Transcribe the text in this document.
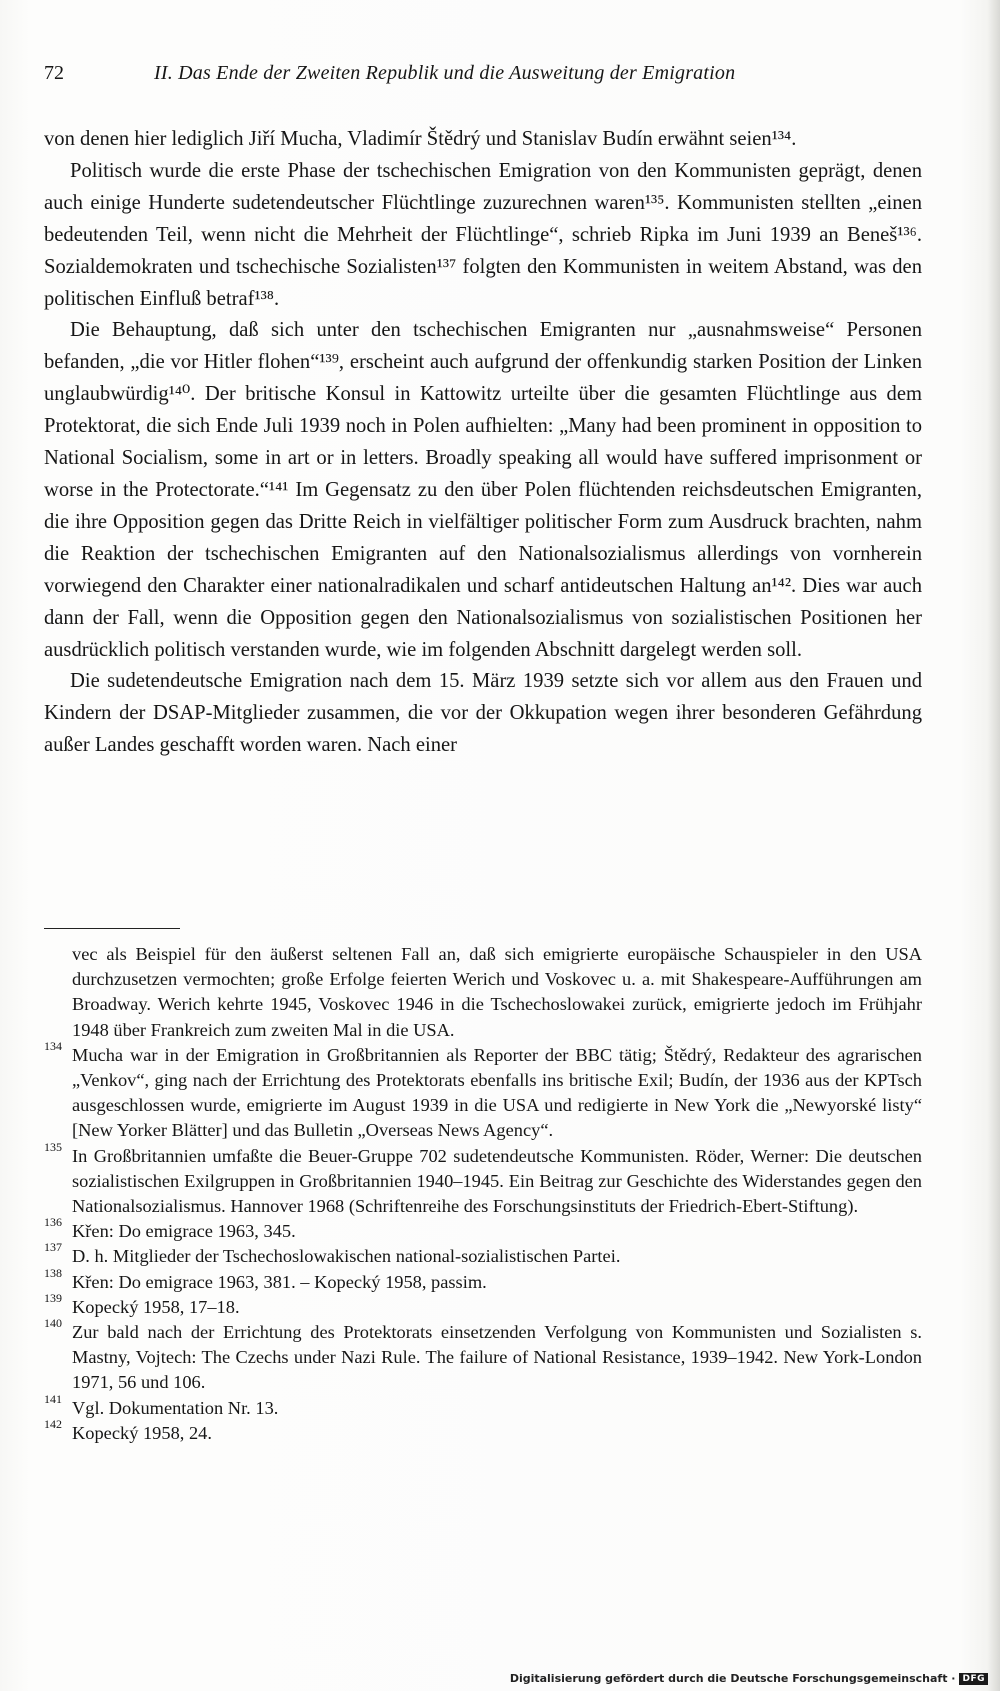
72	II. Das Ende der Zweiten Republik und die Ausweitung der Emigration

von denen hier lediglich Jiří Mucha, Vladimír Štědrý und Stanislav Budín erwähnt seien¹³⁴.

Politisch wurde die erste Phase der tschechischen Emigration von den Kommunisten geprägt, denen auch einige Hunderte sudetendeutscher Flüchtlinge zuzurechnen waren¹³⁵. Kommunisten stellten „einen bedeutenden Teil, wenn nicht die Mehrheit der Flüchtlinge“, schrieb Ripka im Juni 1939 an Beneš¹³⁶. Sozialdemokraten und tschechische Sozialisten¹³⁷ folgten den Kommunisten in weitem Abstand, was den politischen Einfluß betraf¹³⁸.

Die Behauptung, daß sich unter den tschechischen Emigranten nur „ausnahmsweise“ Personen befanden, „die vor Hitler flohen“¹³⁹, erscheint auch aufgrund der offenkundig starken Position der Linken unglaubwürdig¹⁴⁰. Der britische Konsul in Kattowitz urteilte über die gesamten Flüchtlinge aus dem Protektorat, die sich Ende Juli 1939 noch in Polen aufhielten: „Many had been prominent in opposition to National Socialism, some in art or in letters. Broadly speaking all would have suffered imprisonment or worse in the Protectorate.“¹⁴¹ Im Gegensatz zu den über Polen flüchtenden reichsdeutschen Emigranten, die ihre Opposition gegen das Dritte Reich in vielfältiger politischer Form zum Ausdruck brachten, nahm die Reaktion der tschechischen Emigranten auf den Nationalsozialismus allerdings von vornherein vorwiegend den Charakter einer nationalradikalen und scharf antideutschen Haltung an¹⁴². Dies war auch dann der Fall, wenn die Opposition gegen den Nationalsozialismus von sozialistischen Positionen her ausdrücklich politisch verstanden wurde, wie im folgenden Abschnitt dargelegt werden soll.

Die sudetendeutsche Emigration nach dem 15. März 1939 setzte sich vor allem aus den Frauen und Kindern der DSAP-Mitglieder zusammen, die vor der Okkupation wegen ihrer besonderen Gefährdung außer Landes geschafft worden waren. Nach einer

vec als Beispiel für den äußerst seltenen Fall an, daß sich emigrierte europäische Schauspieler in den USA durchzusetzen vermochten; große Erfolge feierten Werich und Voskovec u. a. mit Shakespeare-Aufführungen am Broadway. Werich kehrte 1945, Voskovec 1946 in die Tschechoslowakei zurück, emigrierte jedoch im Frühjahr 1948 über Frankreich zum zweiten Mal in die USA.

134 Mucha war in der Emigration in Großbritannien als Reporter der BBC tätig; Štědrý, Redakteur des agrarischen „Venkov“, ging nach der Errichtung des Protektorats ebenfalls ins britische Exil; Budín, der 1936 aus der KPTsch ausgeschlossen wurde, emigrierte im August 1939 in die USA und redigierte in New York die „Newyorské listy“ [New Yorker Blätter] und das Bulletin „Overseas News Agency“.

135 In Großbritannien umfaßte die Beuer-Gruppe 702 sudetendeutsche Kommunisten. Röder, Werner: Die deutschen sozialistischen Exilgruppen in Großbritannien 1940–1945. Ein Beitrag zur Geschichte des Widerstandes gegen den Nationalsozialismus. Hannover 1968 (Schriftenreihe des Forschungsinstituts der Friedrich-Ebert-Stiftung).

136 Křen: Do emigrace 1963, 345.

137 D. h. Mitglieder der Tschechoslowakischen national-sozialistischen Partei.

138 Křen: Do emigrace 1963, 381. – Kopecký 1958, passim.

139 Kopecký 1958, 17–18.

140 Zur bald nach der Errichtung des Protektorats einsetzenden Verfolgung von Kommunisten und Sozialisten s. Mastny, Vojtech: The Czechs under Nazi Rule. The failure of National Resistance, 1939–1942. New York-London 1971, 56 und 106.

141 Vgl. Dokumentation Nr. 13.

142 Kopecký 1958, 24.

Digitalisierung gefördert durch die Deutsche Forschungsgemeinschaft · DFG
